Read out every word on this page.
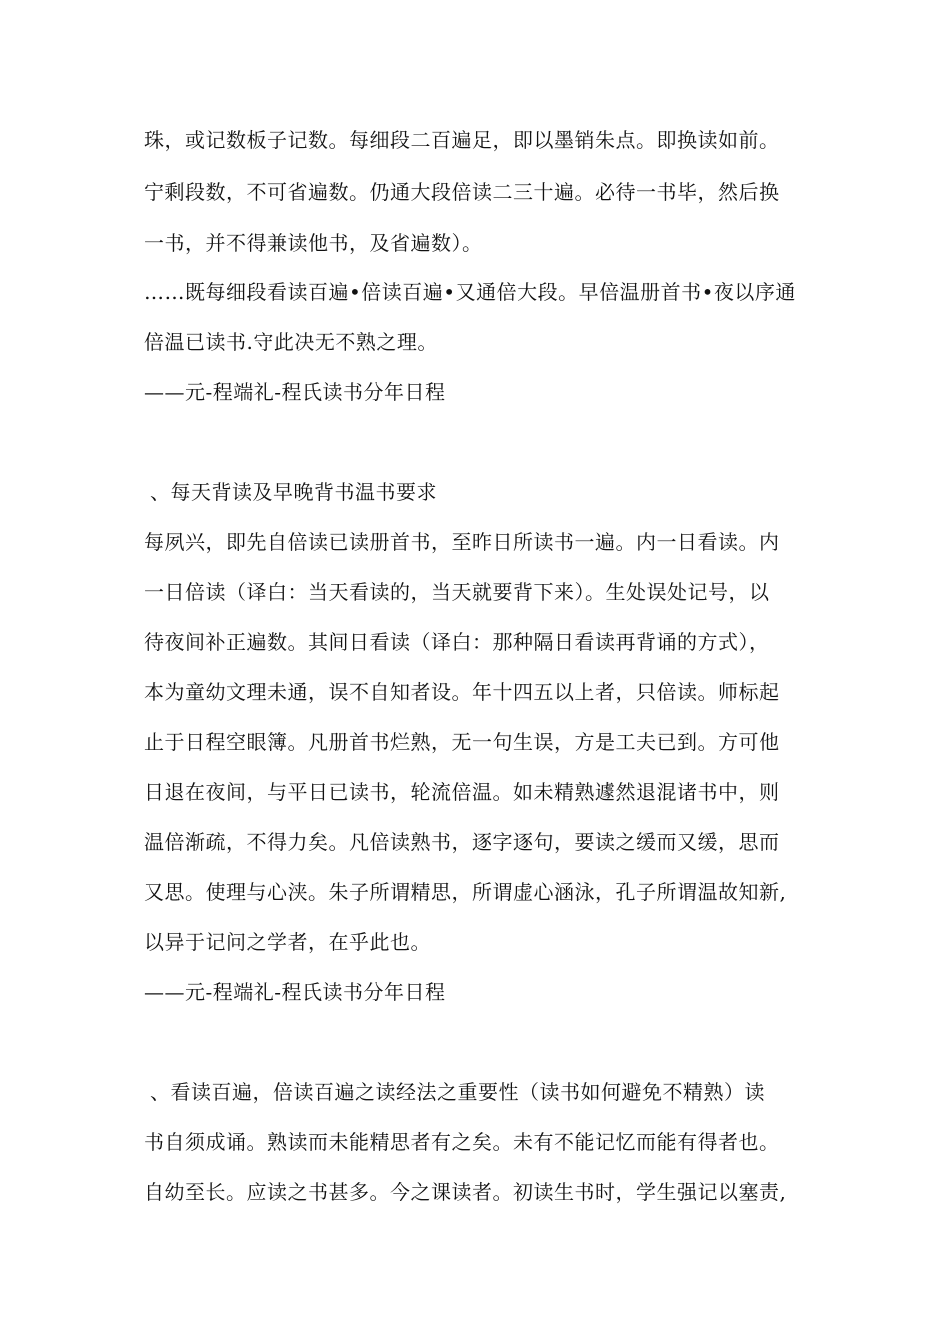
珠，或记数板子记数。每细段二百遍足，即以墨销朱点。即换读如前。
宁剩段数，不可省遍数。仍通大段倍读二三十遍。必待一书毕，然后换
一书，并不得兼读他书，及省遍数）。
……既每细段看读百遍•倍读百遍•又通倍大段。早倍温册首书•夜以序通
倍温已读书.守此决无不熟之理。
——元-程端礼-程氏读书分年日程
、每天背读及早晚背书温书要求
每夙兴，即先自倍读已读册首书，至昨日所读书一遍。内一日看读。内
一日倍读（译白：当天看读的，当天就要背下来）。生处误处记号，以
待夜间补正遍数。其间日看读（译白：那种隔日看读再背诵的方式），
本为童幼文理未通，误不自知者设。年十四五以上者，只倍读。师标起
止于日程空眼簿。凡册首书烂熟，无一句生误，方是工夫已到。方可他
日退在夜间，与平日已读书，轮流倍温。如未精熟遽然退混诸书中，则
温倍渐疏，不得力矣。凡倍读熟书，逐字逐句，要读之缓而又缓，思而
又思。使理与心浃。朱子所谓精思，所谓虚心涵泳，孔子所谓温故知新,
以异于记问之学者，在乎此也。
——元-程端礼-程氏读书分年日程
、看读百遍，倍读百遍之读经法之重要性（读书如何避免不精熟）读
书自须成诵。熟读而未能精思者有之矣。未有不能记忆而能有得者也。
自幼至长。应读之书甚多。今之课读者。初读生书时，学生强记以塞责,
